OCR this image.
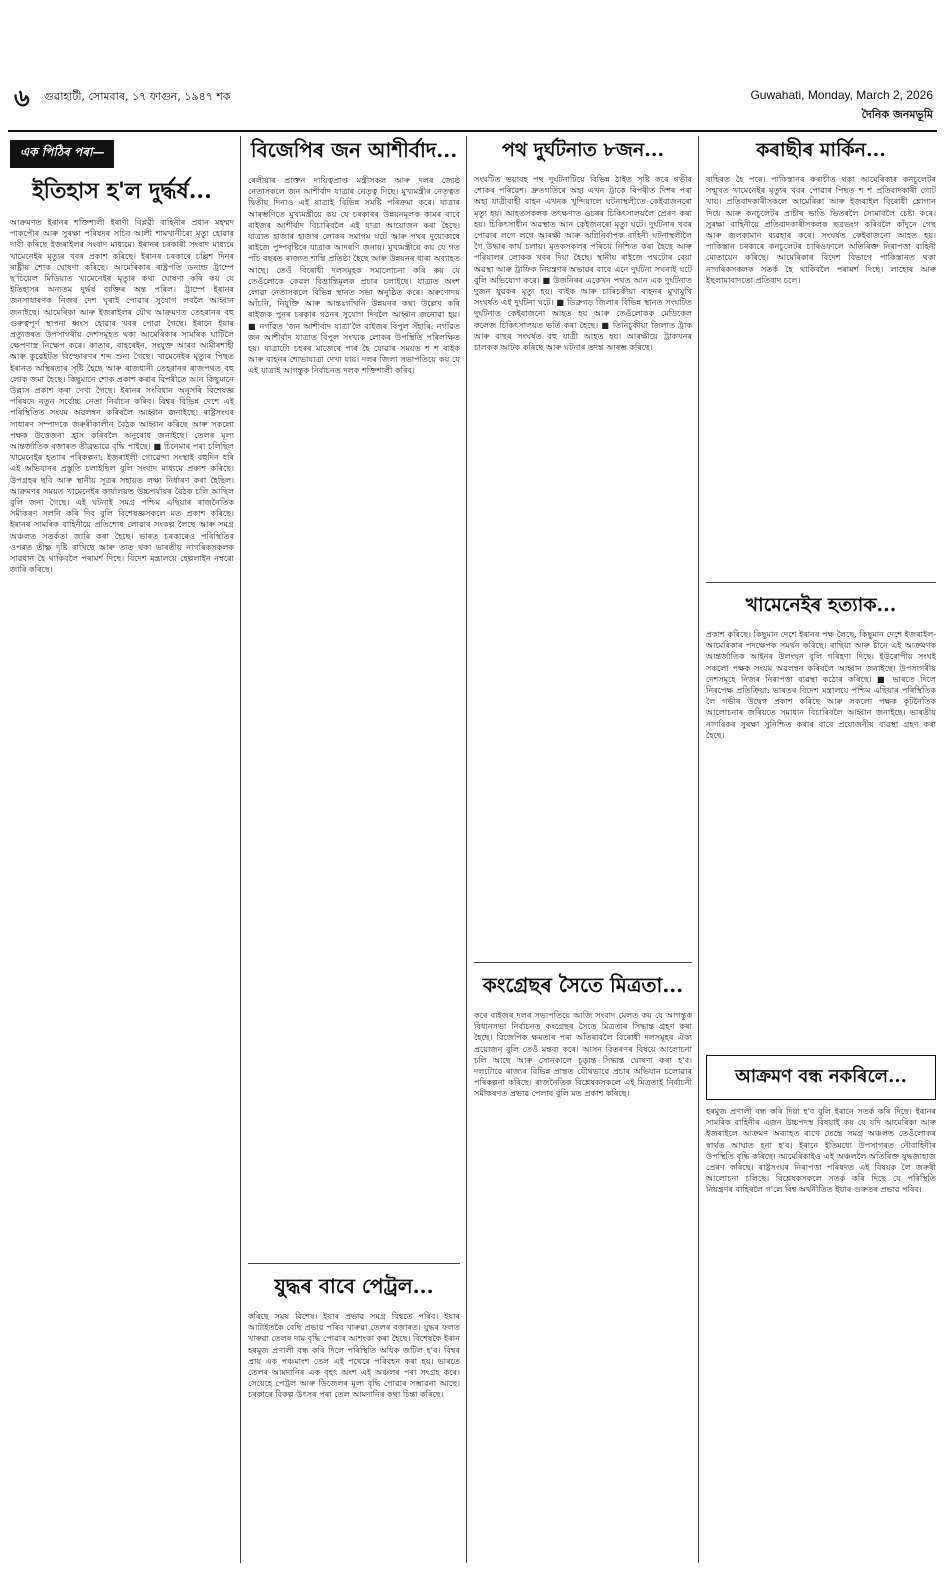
৬ গুৱাহাটী, সোমবাৰ, ১৭ ফাগুন, ১৯৪৭ শক	Guwahati, Monday, March 2, 2026
দৈনিক জনমভূমি
এক পিঠিৰ পৰা—
ইতিহাস হ'ল দুৰ্দ্ধৰ্ষ...

আক্ৰমণত ইৰানৰ শক্তিশালী ইৰাণী বিপ্লৱী বাহিনীৰ প্ৰধান মহম্মদ পাকপৌৰ আৰু সুৰক্ষা পৰিষদৰ সচিব আলী শামখানীৰো মৃত্যু হোৱাৰ দাবী কৰিছে ইজৰাইলৰ সংবাদ মাধ্যমে। ইৰানৰ চৰকাৰী সংবাদ মাধ্যমে খামেনেইৰ মৃত্যুৰ খবৰ প্ৰকাশ কৰিছে। ইৰানৰ চৰকাৰে চল্লিশ দিনৰ ৰাষ্ট্ৰীয় শোক ঘোষণা কৰিছে। আমেৰিকাৰ ৰাষ্ট্ৰপতি ডনাল্ড ট্ৰাম্পে ছ'চিয়েল মিডিয়াত খামেনেইৰ মৃত্যুৰ কথা ঘোষণা কৰি কয় যে ইতিহাসৰ অন্যতম দুৰ্দ্ধৰ্ষ ব্যক্তিৰ অন্ত পৰিল। ট্ৰাম্পে ইৰানৰ জনসাধাৰণক নিজৰ দেশ ঘূৰাই পোৱাৰ সুযোগ লবলৈ আহ্বান জনাইছে। আমেৰিকা আৰু ইজৰাইলৰ যৌথ আক্ৰমণত তেহৰানৰ বহু গুৰুত্বপূৰ্ণ স্থাপনা ধ্বংস হোৱাৰ খবৰ পোৱা গৈছে। ইৰানে ইয়াৰ প্ৰত্যুত্তৰত উপসাগৰীয় দেশসমূহত থকা আমেৰিকাৰ সামৰিক ঘাটিলৈ ক্ষেপণাস্ত্ৰ নিক্ষেপ কৰে। কাতাৰ, বাহৰেইন, সংযুক্ত আৰব আমীৰশাহী আৰু কুৱেইটত বিস্ফোৰণৰ শব্দ শুনা গৈছে। খামেনেইৰ মৃত্যুৰ পিছত ইৰানত অস্থিৰতাৰ সৃষ্টি হৈছে আৰু ৰাজধানী তেহৰানৰ ৰাজপথত বহু লোক জমা হৈছে। কিছুমানে শোক প্ৰকাশ কৰাৰ বিপৰীতে আন কিছুমানে উল্লাস প্ৰকাশ কৰা দেখা গৈছে। ইৰানৰ সংবিধান অনুসৰি বিশেষজ্ঞ পৰিষদে নতুন সৰ্বোচ্চ নেতা নিৰ্বাচন কৰিব। বিশ্বৰ বিভিন্ন দেশে এই পৰিস্থিতিত সংযম অৱলম্বন কৰিবলৈ আহ্বান জনাইছে। ৰাষ্ট্ৰসংঘৰ সাধাৰণ সম্পাদকে জৰুৰীকালীন বৈঠক আহ্বান কৰিছে আৰু সকলো পক্ষক উত্তেজনা হ্ৰাস কৰিবলৈ অনুৰোধ জনাইছে। তেলৰ মূল্য আন্তৰ্জাতিক বজাৰত তীব্ৰভাৱে বৃদ্ধি পাইছে। ■ চিনেমাৰ পৰা চলিছিল খামেনেইৰ হত্যাৰ পৰিকল্পনা: ইজৰাইলী গোৱেন্দা সংস্থাই বহুদিন ধৰি এই অভিযানৰ প্ৰস্তুতি চলাইছিল বুলি সংবাদ মাধ্যমে প্ৰকাশ কৰিছে। উপগ্ৰহৰ ছবি আৰু স্থানীয় সূত্ৰৰ সহায়ত লক্ষ্য নিৰ্ধাৰণ কৰা হৈছিল। আক্ৰমণৰ সময়ত খামেনেইৰ কাৰ্যালয়ত উচ্চপৰ্যায়ৰ বৈঠক চলি আছিল বুলি জনা গৈছে। এই ঘটনাই সমগ্ৰ পশ্চিম এছিয়াৰ ৰাজনৈতিক সমীকৰণ সলনি কৰি দিব বুলি বিশেষজ্ঞসকলে মত প্ৰকাশ কৰিছে। ইৰানৰ সামৰিক বাহিনীয়ে প্ৰতিশোধ লোৱাৰ সংকল্প লৈছে আৰু সমগ্ৰ অঞ্চলত সতৰ্কতা জাৰি কৰা হৈছে। ভাৰত চৰকাৰেও পৰিস্থিতিৰ ওপৰত তীক্ষ্ণ দৃষ্টি ৰাখিছে আৰু তাত থকা ভাৰতীয় নাগৰিকসকলক সাৱধান হৈ থাকিবলৈ পৰামৰ্শ দিছে। বিদেশ মন্ত্ৰালয়ে হেল্পলাইন নম্বৰো জাৰি কৰিছে।

বিজেপিৰ জন আশীৰ্বাদ...

ৰেলীয়াৰ প্ৰাক্তন দায়িত্বপ্ৰাপ্ত মন্ত্ৰীসকল আৰু দলৰ জ্যেষ্ঠ নেতাসকলে জন আশীৰ্বাদ যাত্ৰাৰ নেতৃত্ব দিছে। মুখ্যমন্ত্ৰীৰ নেতৃত্বত দ্বিতীয় দিনাও এই যাত্ৰাই বিভিন্ন সমষ্টি পৰিক্ৰমা কৰে। যাত্ৰাৰ আৰম্ভণিতে মুখ্যমন্ত্ৰীয়ে কয় যে চৰকাৰৰ উন্নয়নমূলক কামৰ বাবে ৰাইজৰ আশীৰ্বাদ বিচাৰিবলৈ এই যাত্ৰা আয়োজন কৰা হৈছে। যাত্ৰাত হাজাৰ হাজাৰ লোকৰ সমাগম ঘটে আৰু পথৰ দুয়োকাষে ৰাইজে পুষ্পবৃষ্টিৰে যাত্ৰাক আদৰণি জনায়। মুখ্যমন্ত্ৰীয়ে কয় যে গত পাঁচ বছৰত ৰাজ্যত শান্তি প্ৰতিষ্ঠা হৈছে আৰু উন্নয়নৰ ধাৰা অব্যাহত আছে। তেওঁ বিৰোধী দলসমূহক সমালোচনা কৰি কয় যে তেওঁলোকে কেৱল বিভ্ৰান্তিমূলক প্ৰচাৰ চলাইছে। যাত্ৰাত অংশ লোৱা নেতাসকলে বিভিন্ন স্থানত সভা অনুষ্ঠিত কৰে। অৰুণোদয় আঁচনি, নিযুক্তি আৰু আন্তঃগাঁথনি উন্নয়নৰ কথা উল্লেখ কৰি ৰাইজক পুনৰ চৰকাৰ গঠনৰ সুযোগ দিবলৈ আহ্বান জনোৱা হয়। ■ নগাঁৱত 'জন আশীৰ্বাদ যাত্ৰা'লৈ বাইজৰ বিপুল সঁহাৰি: নগাঁৱত জন আশীৰ্বাদ যাত্ৰাত বিপুল সংখ্যক লোকৰ উপস্থিতি পৰিলক্ষিত হয়। যাত্ৰাটো চহৰৰ মাজেৰে পাৰ হৈ যোৱাৰ সময়ত শ শ বাইক আৰু বাহনৰ শোভাযাত্ৰা দেখা যায়। দলৰ জিলা সভাপতিয়ে কয় যে এই যাত্ৰাই আগন্তুক নিৰ্বাচনত দলক শক্তিশালী কৰিব।

যুদ্ধৰ বাবে পেট্ৰল...

কৰিছে সময় বিশেষ। ইয়াৰ প্ৰভাৱ সমগ্ৰ বিশ্বতে পৰিব। ইয়াৰ আটাইতকৈ বেছি প্ৰভাৱ পৰিব খাৰুৱা তেলৰ বজাৰত। যুদ্ধৰ ফলত খাৰুৱা তেলৰ দাম বৃদ্ধি পোৱাৰ আশংকা কৰা হৈছে। বিশেষকৈ ইৰান হৰমুজ প্ৰণালী বন্ধ কৰি দিলে পৰিস্থিতি অধিক জটিল হ'ব। বিশ্বৰ প্ৰায় এক পঞ্চমাংশ তেল এই পথেৰে পৰিবহন কৰা হয়। ভাৰতে তেলৰ আমদানিৰ এক বৃহৎ অংশ এই অঞ্চলৰ পৰা সংগ্ৰহ কৰে। সেয়েহে পেট্ৰল আৰু ডিজেলৰ মূল্য বৃদ্ধি পোৱাৰ সম্ভাৱনা আছে। চৰকাৰে বিকল্প উৎসৰ পৰা তেল আমদানিৰ কথা চিন্তা কৰিছে।

পথ দুৰ্ঘটনাত ৮জন...

সংঘটিত ভয়াবহ পথ দুৰ্ঘটনাটিয়ে বিভিন্ন ঠাইত সৃষ্টি কৰে গভীৰ শোকৰ পৰিৱেশ। দ্ৰুতগতিৰে অহা এখন ট্ৰাকে বিপৰীত দিশৰ পৰা অহা যাত্ৰীবাহী বাহন এখনক খুন্দিয়ালে ঘটনাস্থলীতে কেইবাজনৰো মৃত্যু হয়। আহতসকলক তৎক্ষণাত ওচৰৰ চিকিৎসালয়লৈ প্ৰেৰণ কৰা হয়। চিকিৎসাধীন অৱস্থাত আন কেইজনৰো মৃত্যু ঘটে। দুৰ্ঘটনাৰ খবৰ পোৱাৰ লগে লগে আৰক্ষী আৰু অগ্নিনিৰ্বাপক বাহিনী ঘটনাস্থলীলৈ গৈ উদ্ধাৰ কাৰ্য চলায়। মৃতকসকলৰ পৰিচয় নিশ্চিত কৰা হৈছে আৰু পৰিয়ালৰ লোকক খবৰ দিয়া হৈছে। স্থানীয় ৰাইজে পথটোৰ বেয়া অৱস্থা আৰু ট্ৰাফিক নিয়ন্ত্ৰণৰ অভাৱৰ বাবে এনে দুৰ্ঘটনা সঘনাই ঘটে বুলি অভিযোগ কৰে। ■ উজনিৰৰ একেখন পথত আন এক দুৰ্ঘটনাত দুজন যুৱকৰ মৃত্যু হয়। বাইক আৰু চাৰিচকীয়া বাহনৰ মুখামুখি সংঘৰ্ষত এই দুৰ্ঘটনা ঘটে। ■ ডিব্ৰুগড় জিলাৰ বিভিন্ন স্থানত সংঘটিত দুৰ্ঘটনাত কেইবাজনো আহত হয় আৰু তেওঁলোকক মেডিকেল কলেজ চিকিৎসালয়ত ভৰ্তি কৰা হৈছে। ■ তিনিচুকীয়া জিলাত ট্ৰাক আৰু বাছৰ সংঘৰ্ষত বহু যাত্ৰী আহত হয়। আৰক্ষীয়ে ট্ৰাকখনৰ চালকক আটক কৰিছে আৰু ঘটনাৰ তদন্ত আৰম্ভ কৰিছে।

কংগ্ৰেছৰ সৈতে মিত্ৰতা...

কৰে বাইজৰ দলৰ সভাপতিয়ে আজি সংবাদ মেলত কয় যে আগন্তুক বিধানসভা নিৰ্বাচনত কংগ্ৰেছৰ সৈতে মিত্ৰতাৰ সিদ্ধান্ত গ্ৰহণ কৰা হৈছে। বিজেপিক ক্ষমতাৰ পৰা আঁতৰাবলৈ বিৰোধী দলসমূহৰ ঐক্য প্ৰয়োজন বুলি তেওঁ মন্তব্য কৰে। আসন বিতৰণৰ বিষয়ে আলোচনা চলি আছে আৰু সোনকালে চূড়ান্ত সিদ্ধান্ত ঘোষণা কৰা হ'ব। দলটোৱে ৰাজ্যৰ বিভিন্ন প্ৰান্তত যৌথভাৱে প্ৰচাৰ অভিযান চলোৱাৰ পৰিকল্পনা কৰিছে। ৰাজনৈতিক বিশ্লেষকসকলে এই মিত্ৰতাই নিৰ্বাচনী সমীকৰণত প্ৰভাৱ পেলাব বুলি মত প্ৰকাশ কৰিছে।

কৰাছীৰ মাৰ্কিন...

বাহিৰত হৈ পৰে। পাকিস্তানৰ কৰাচীত থকা আমেৰিকাৰ কনচুলেটৰ সন্মুখত খামেনেইৰ মৃত্যুৰ খবৰ পোৱাৰ পিছত শ শ প্ৰতিবাদকাৰী গোট খায়। প্ৰতিবাদকাৰীসকলে আমেৰিকা আৰু ইজৰাইল বিৰোধী শ্লোগান দিয়ে আৰু কনচুলেটৰ প্ৰাচীৰ ভাঙি ভিতৰলৈ সোমাবলৈ চেষ্টা কৰে। সুৰক্ষা বাহিনীয়ে প্ৰতিবাদকাৰীসকলক ছত্ৰভংগ কৰিবলৈ কাঁদুনে গেছ আৰু জলকামান ব্যৱহাৰ কৰে। সংঘৰ্ষত কেইবাজনো আহত হয়। পাকিস্তান চৰকাৰে কনচুলেটৰ চাৰিওফালে অতিৰিক্ত নিৰাপত্তা বাহিনী মোতায়েন কৰিছে। আমেৰিকাৰ বিদেশ বিভাগে পাকিস্তানত থকা নাগৰিকসকলক সতৰ্ক হৈ থাকিবলৈ পৰামৰ্শ দিছে। লাহোৰ আৰু ইছলামাবাদতো প্ৰতিবাদ চলে।

খামেনেইৰ হত্যাক...

প্ৰকাশ কৰিছে। কিছুমান দেশে ইৰানৰ পক্ষ লৈছে, কিছুমান দেশে ইজৰাইল-আমেৰিকাৰ পদক্ষেপক সমৰ্থন কৰিছে। ৰাছিয়া আৰু চীনে এই আক্ৰমণক আন্তৰ্জাতিক আইনৰ উলংঘন বুলি গৰিহণা দিছে। ইউৰোপীয় সংঘই সকলো পক্ষক সংযম অৱলম্বন কৰিবলৈ আহ্বান জনাইছে। উপসাগৰীয় দেশসমূহে নিজৰ নিৰাপত্তা ব্যৱস্থা কঠোৰ কৰিছে। ■ ভাৰতে দিলে নিৰপেক্ষ প্ৰতিক্ৰিয়া: ভাৰতৰ বিদেশ মন্ত্ৰালয়ে পশ্চিম এছিয়াৰ পৰিস্থিতিক লৈ গভীৰ উদ্বেগ প্ৰকাশ কৰিছে আৰু সকলো পক্ষক কূটনৈতিক আলোচনাৰ জৰিয়তে সমাধান বিচাৰিবলৈ আহ্বান জনাইছে। ভাৰতীয় নাগৰিকৰ সুৰক্ষা সুনিশ্চিত কৰাৰ বাবে প্ৰয়োজনীয় ব্যৱস্থা গ্ৰহণ কৰা হৈছে।

আক্ৰমণ বন্ধ নকৰিলে...

হৰমুজ প্ৰণালী বন্ধ কৰি দিয়া হ'ব বুলি ইৰানে সতৰ্ক কৰি দিছে। ইৰানৰ সামৰিক বাহিনীৰ এজন উচ্চপদস্থ বিষয়াই কয় যে যদি আমেৰিকা আৰু ইজৰাইলে আক্ৰমণ অব্যাহত ৰাখে তেন্তে সমগ্ৰ অঞ্চলত তেওঁলোকৰ স্বাৰ্থত আঘাত হনা হ'ব। ইৰানে ইতিমধ্যে উপসাগৰত নৌবাহিনীৰ উপস্থিতি বৃদ্ধি কৰিছে। আমেৰিকাইও এই অঞ্চললৈ অতিৰিক্ত যুদ্ধজাহাজ প্ৰেৰণ কৰিছে। ৰাষ্ট্ৰসংঘৰ নিৰাপত্তা পৰিষদত এই বিষয়ক লৈ জৰুৰী আলোচনা চলিছে। বিশ্লেষকসকলে সতৰ্ক কৰি দিছে যে পৰিস্থিতি নিয়ন্ত্ৰণৰ বাহিৰলৈ গ'লে বিশ্ব অৰ্থনীতিত ইয়াৰ গুৰুতৰ প্ৰভাৱ পৰিব।
